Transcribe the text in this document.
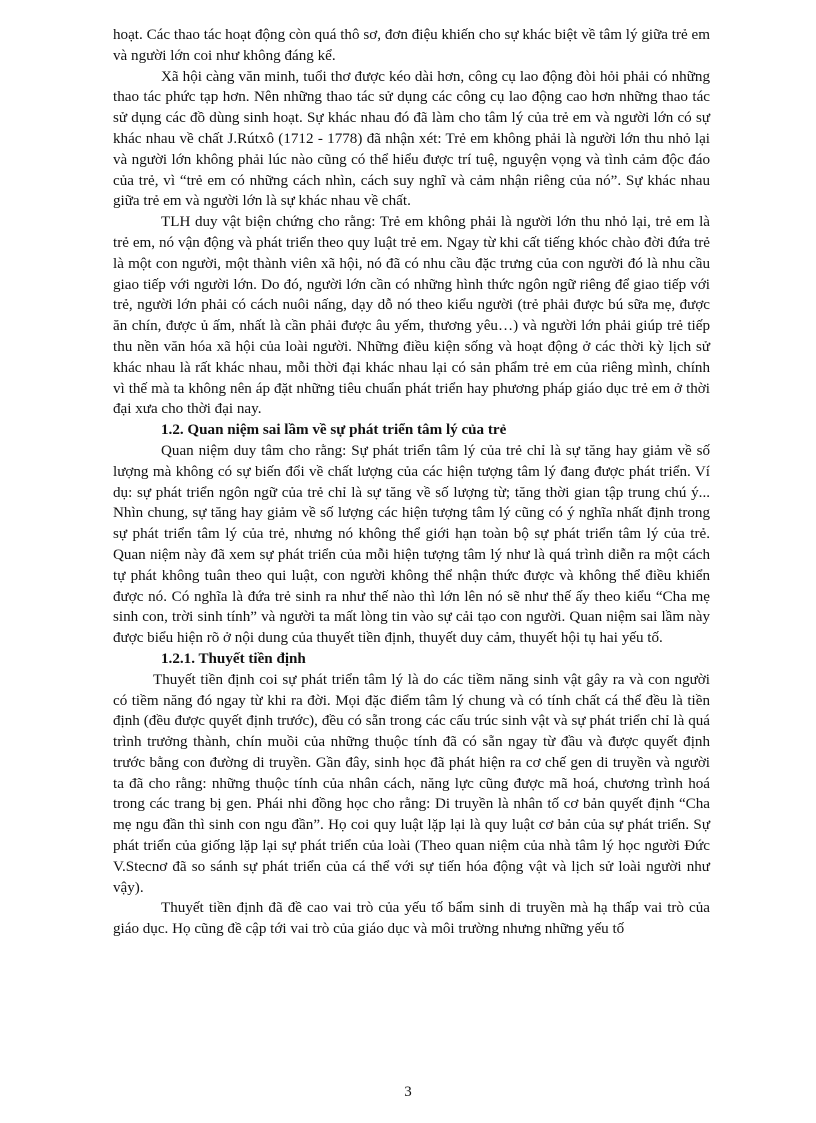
hoạt. Các thao tác hoạt động còn quá thô sơ, đơn điệu khiến cho sự khác biệt về tâm lý giữa trẻ em và người lớn coi như không đáng kể.

Xã hội càng văn minh, tuổi thơ được kéo dài hơn, công cụ lao động đòi hỏi phải có những thao tác phức tạp hơn. Nên những thao tác sử dụng các công cụ lao động cao hơn những thao tác sử dụng các đồ dùng sinh hoạt. Sự khác nhau đó đã làm cho tâm lý của trẻ em và người lớn có sự khác nhau về chất J.Rútxô (1712 - 1778) đã nhận xét: Trẻ em không phải là người lớn thu nhỏ lại và người lớn không phải lúc nào cũng có thể hiểu được trí tuệ, nguyện vọng và tình cảm độc đáo của trẻ, vì “trẻ em có những cách nhìn, cách suy nghĩ và cảm nhận riêng của nó”. Sự khác nhau giữa trẻ em và người lớn là sự khác nhau về chất.

TLH duy vật biện chứng cho rằng: Trẻ em không phải là người lớn thu nhỏ lại, trẻ em là trẻ em, nó vận động và phát triển theo quy luật trẻ em. Ngay từ khi cất tiếng khóc chào đời đứa trẻ là một con người, một thành viên xã hội, nó đã có nhu cầu đặc trưng của con người đó là nhu cầu giao tiếp với người lớn. Do đó, người lớn cần có những hình thức ngôn ngữ riêng để giao tiếp với trẻ, người lớn phải có cách nuôi nấng, dạy dỗ nó theo kiểu người (trẻ phải được bú sữa mẹ, được ăn chín, được ủ ấm, nhất là cần phải được âu yếm, thương yêu…) và người lớn phải giúp trẻ tiếp thu nền văn hóa xã hội của loài người. Những điều kiện sống và hoạt động ở các thời kỳ lịch sử khác nhau là rất khác nhau, mỗi thời đại khác nhau lại có sản phẩm trẻ em của riêng mình, chính vì thế mà ta không nên áp đặt những tiêu chuẩn phát triển hay phương pháp giáo dục trẻ em ở thời đại xưa cho thời đại nay.

1.2. Quan niệm sai lầm về sự phát triển tâm lý của trẻ

Quan niệm duy tâm cho rằng: Sự phát triển tâm lý của trẻ chỉ là sự tăng hay giảm về số lượng mà không có sự biến đổi về chất lượng của các hiện tượng tâm lý đang được phát triển. Ví dụ: sự phát triển ngôn ngữ của trẻ chỉ là sự tăng về số lượng từ; tăng thời gian tập trung chú ý... Nhìn chung, sự tăng hay giảm về số lượng các hiện tượng tâm lý cũng có ý nghĩa nhất định trong sự phát triển tâm lý của trẻ, nhưng nó không thể giới hạn toàn bộ sự phát triển tâm lý của trẻ. Quan niệm này đã xem sự phát triển của mỗi hiện tượng tâm lý như là quá trình diễn ra một cách tự phát không tuân theo qui luật, con người không thể nhận thức được và không thể điều khiển được nó. Có nghĩa là đứa trẻ sinh ra như thế nào thì lớn lên nó sẽ như thế ấy theo kiểu “Cha mẹ sinh con, trời sinh tính” và người ta mất lòng tin vào sự cải tạo con người. Quan niệm sai lầm này được biểu hiện rõ ở nội dung của thuyết tiền định, thuyết duy cảm, thuyết hội tụ hai yếu tố.

1.2.1. Thuyết tiền định

Thuyết tiền định coi sự phát triển tâm lý là do các tiềm năng sinh vật gây ra và con người có tiềm năng đó ngay từ khi ra đời. Mọi đặc điểm tâm lý chung và có tính chất cá thể đều là tiền định (đều được quyết định trước), đều có sẵn trong các cấu trúc sinh vật và sự phát triển chỉ là quá trình trưởng thành, chín muồi của những thuộc tính đã có sẵn ngay từ đầu và được quyết định trước bằng con đường di truyền. Gần đây, sinh học đã phát hiện ra cơ chế gen di truyền và người ta đã cho rằng: những thuộc tính của nhân cách, năng lực cũng được mã hoá, chương trình hoá trong các trang bị gen. Phái nhi đồng học cho rằng: Di truyền là nhân tố cơ bản quyết định “Cha mẹ ngu đần thì sinh con ngu đần”. Họ coi quy luật lặp lại là quy luật cơ bản của sự phát triển. Sự phát triển của giống lặp lại sự phát triển của loài (Theo quan niệm của nhà tâm lý học người Đức V.Stecnơ đã so sánh sự phát triển của cá thể với sự tiến hóa động vật và lịch sử loài người như vậy).

Thuyết tiền định đã đề cao vai trò của yếu tố bẩm sinh di truyền mà hạ thấp vai trò của giáo dục. Họ cũng đề cập tới vai trò của giáo dục và môi trường nhưng những yếu tố

3
